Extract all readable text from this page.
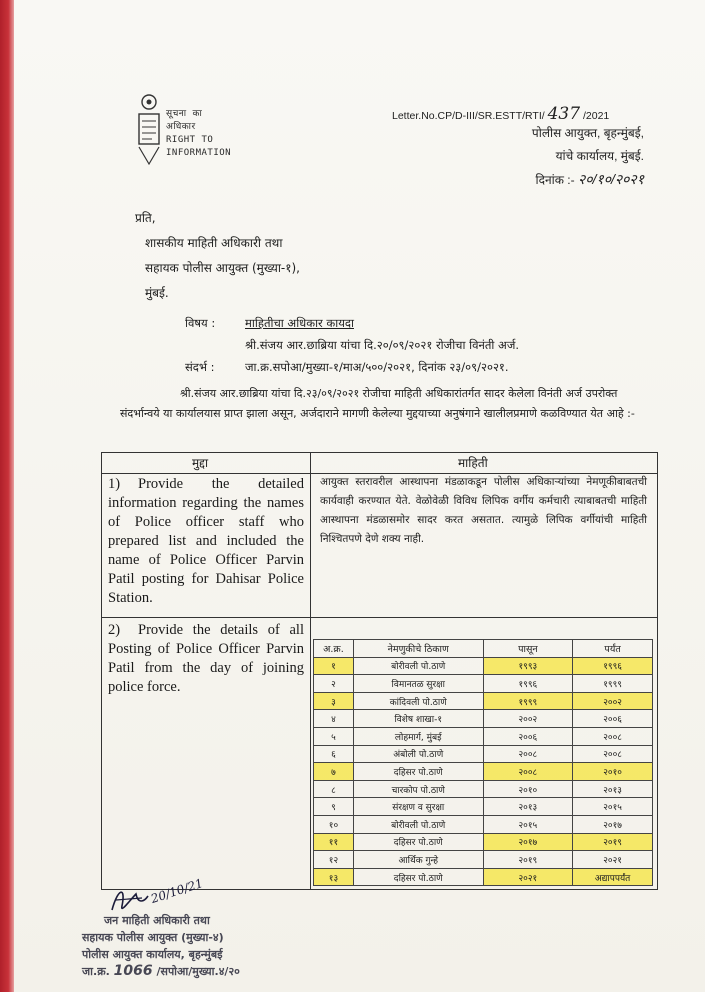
सूचना का
अधिकार
RIGHT TO
INFORMATION
Letter.No.CP/D-III/SR.ESTT/RTI/ 437 /2021
पोलीस आयुक्त, बृहन्मुंबई,
यांचे कार्यालय, मुंबई.
दिनांक :- २०/१०/२०२१
प्रति,
शासकीय माहिती अधिकारी तथा
सहायक पोलीस आयुक्त (मुख्या-१),
मुंबई.
विषय :	माहितीचा अधिकार कायदा
श्री.संजय आर.छाब्रिया यांचा दि.२०/०९/२०२१ रोजीचा विनंती अर्ज.
संदर्भ :	जा.क्र.सपोआ/मुख्या-१/माअ/५००/२०२१, दिनांक २३/०९/२०२१.
श्री.संजय आर.छाब्रिया यांचा दि.२३/०९/२०२१ रोजीचा माहिती अधिकारांतर्गत सादर केलेला विनंती अर्ज उपरोक्त संदर्भान्वये या कार्यालयास प्राप्त झाला असून, अर्जदाराने मागणी केलेल्या मुद्दयाच्या अनुषंगाने खालीलप्रमाणे कळविण्यात येत आहे :-
मुद्दा	माहिती
1)	Provide the detailed information regarding the names of Police officer staff who prepared list and included the name of Police Officer Parvin Patil posting for Dahisar Police Station.
आयुक्त स्तरावरील आस्थापना मंडळाकडून पोलीस अधिकाऱ्यांच्या नेमणूकीबाबतची कार्यवाही करण्यात येते. वेळोवेळी विविध लिपिक वर्गीय कर्मचारी त्याबाबतची माहिती आस्थापना मंडळासमोर सादर करत असतात. त्यामुळे लिपिक वर्गीयांची माहिती निश्चितपणे देणे शक्य नाही.
2)	Provide the details of all Posting of Police Officer Parvin Patil from the day of joining police force.
अ.क्र.	नेमणुकीचे ठिकाण	पासून	पर्यंत
१	बोरीवली पो.ठाणे	१९९३	१९९६
२	विमानतळ सुरक्षा	१९९६	१९९९
३	कांदिवली पो.ठाणे	१९९९	२००२
४	विशेष शाखा-१	२००२	२००६
५	लोहमार्ग, मुंबई	२००६	२००८
६	अंबोली पो.ठाणे	२००८	२००८
७	दहिसर पो.ठाणे	२००८	२०१०
८	चारकोप पो.ठाणे	२०१०	२०१३
९	संरक्षण व सुरक्षा	२०१३	२०१५
१०	बोरीवली पो.ठाणे	२०१५	२०१७
११	दहिसर पो.ठाणे	२०१७	२०१९
१२	आर्थिक गुन्हे	२०१९	२०२१
१३	दहिसर पो.ठाणे	२०२१	अद्यापपर्यंत
20/10/21
जन माहिती अधिकारी तथा
सहायक पोलीस आयुक्त (मुख्या-४)
पोलीस आयुक्त कार्यालय, बृहन्मुंबई
जा.क्र. 1066 /सपोआ/मुख्या.४/२०
